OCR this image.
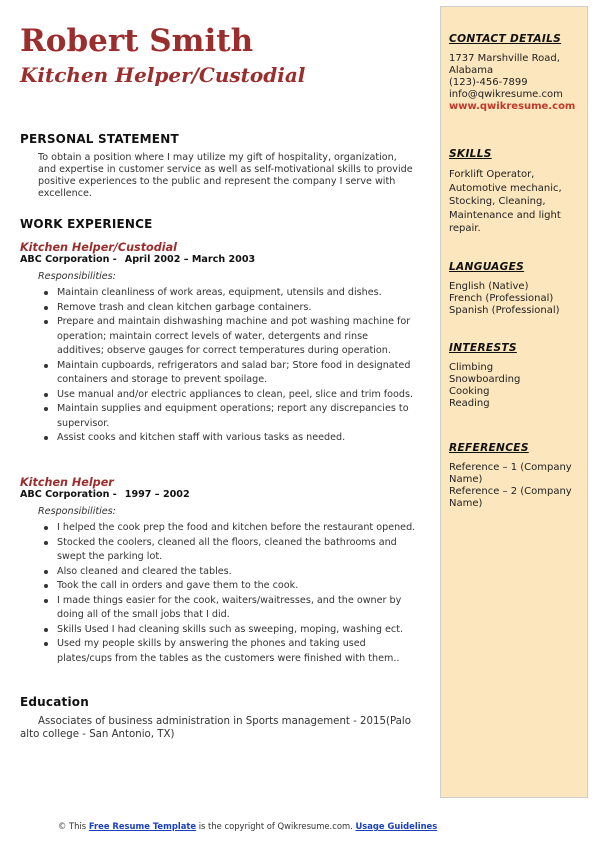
Robert Smith
Kitchen Helper/Custodial
PERSONAL STATEMENT
To obtain a position where I may utilize my gift of hospitality, organization, and expertise in customer service as well as self-motivational skills to provide positive experiences to the public and represent the company I serve with excellence.
WORK EXPERIENCE
Kitchen Helper/Custodial
ABC Corporation - April 2002 – March 2003
Responsibilities:
Maintain cleanliness of work areas, equipment, utensils and dishes.
Remove trash and clean kitchen garbage containers.
Prepare and maintain dishwashing machine and pot washing machine for operation; maintain correct levels of water, detergents and rinse additives; observe gauges for correct temperatures during operation.
Maintain cupboards, refrigerators and salad bar; Store food in designated containers and storage to prevent spoilage.
Use manual and/or electric appliances to clean, peel, slice and trim foods.
Maintain supplies and equipment operations; report any discrepancies to supervisor.
Assist cooks and kitchen staff with various tasks as needed.
Kitchen Helper
ABC Corporation - 1997 – 2002
Responsibilities:
I helped the cook prep the food and kitchen before the restaurant opened.
Stocked the coolers, cleaned all the floors, cleaned the bathrooms and swept the parking lot.
Also cleaned and cleared the tables.
Took the call in orders and gave them to the cook.
I made things easier for the cook, waiters/waitresses, and the owner by doing all of the small jobs that I did.
Skills Used I had cleaning skills such as sweeping, moping, washing ect.
Used my people skills by answering the phones and taking used plates/cups from the tables as the customers were finished with them..
Education
Associates of business administration in Sports management - 2015(Palo alto college - San Antonio, TX)
CONTACT DETAILS
1737 Marshville Road,
Alabama
(123)-456-7899
info@qwikresume.com
www.qwikresume.com
SKILLS
Forklift Operator, Automotive mechanic, Stocking, Cleaning, Maintenance and light repair.
LANGUAGES
English (Native)
French (Professional)
Spanish (Professional)
INTERESTS
Climbing
Snowboarding
Cooking
Reading
REFERENCES
Reference – 1 (Company Name)
Reference – 2 (Company Name)
© This Free Resume Template is the copyright of Qwikresume.com. Usage Guidelines
